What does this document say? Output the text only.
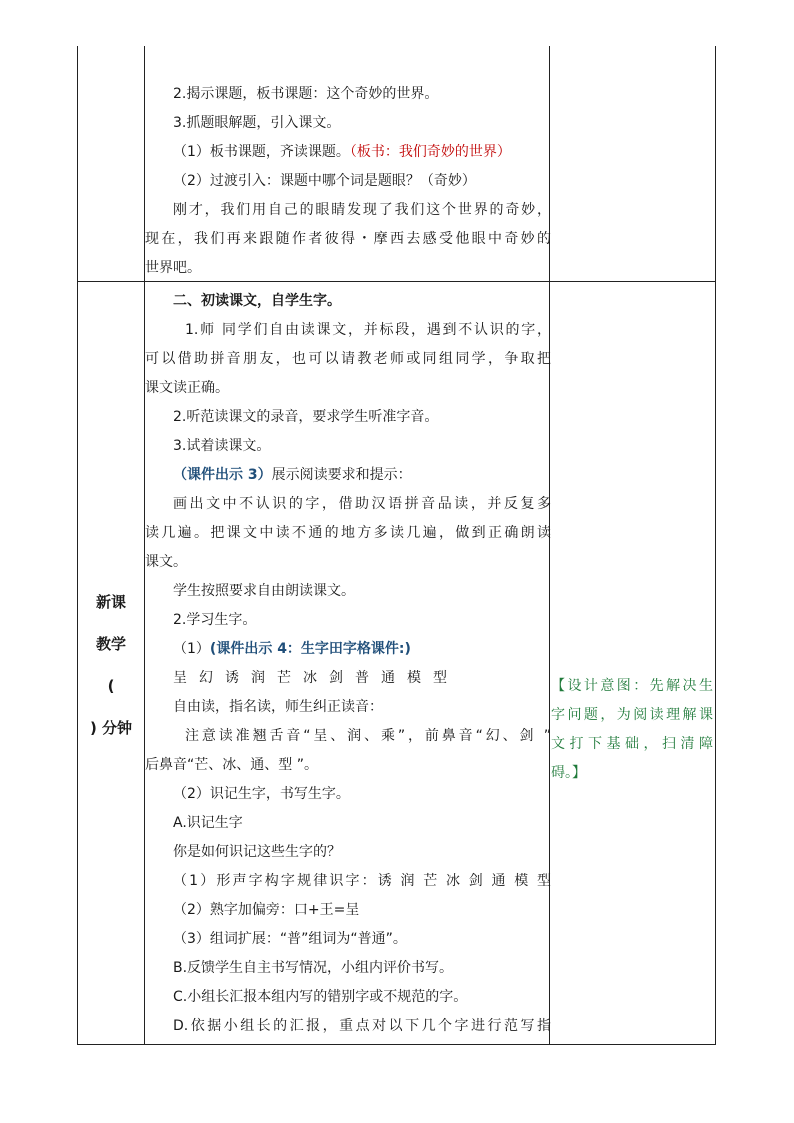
2.揭示课题，板书课题：这个奇妙的世界。
3.抓题眼解题，引入课文。
（1）板书课题，齐读课题。（板书：我们奇妙的世界）
（2）过渡引入：课题中哪个词是题眼？（奇妙）
刚才，我们用自己的眼睛发现了我们这个世界的奇妙，
现在，我们再来跟随作者彼得・摩西去感受他眼中奇妙的
世界吧。
新课
教学
(
) 分钟
二、初读课文，自学生字。
1.师 同学们自由读课文，并标段，遇到不认识的字，
可以借助拼音朋友，也可以请教老师或同组同学，争取把
课文读正确。
2.听范读课文的录音，要求学生听准字音。
3.试着读课文。
（课件出示 3）展示阅读要求和提示：
画出文中不认识的字，借助汉语拼音品读，并反复多
读几遍。把课文中读不通的地方多读几遍，做到正确朗读
课文。
学生按照要求自由朗读课文。
2.学习生字。
（1）(课件出示 4：生字田字格课件:)
呈 幻 诱 润 芒 冰 剑 普 通 模 型
自由读，指名读，师生纠正读音：
注意读准翘舌音“呈、润、乘”，前鼻音“幻、剑 ”
后鼻音“芒、冰、通、型 ”。
（2）识记生字，书写生字。
A.识记生字
你是如何识记这些生字的？
（1）形声字构字规律识字：诱 润 芒 冰 剑 通 模 型
（2）熟字加偏旁：口+王=呈
（3）组词扩展：“普”组词为“普通”。
B.反馈学生自主书写情况，小组内评价书写。
C.小组长汇报本组内写的错别字或不规范的字。
D.依据小组长的汇报，重点对以下几个字进行范写指
【设计意图：先解决生
字问题，为阅读理解课
文打下基础，扫清障
碍。】
